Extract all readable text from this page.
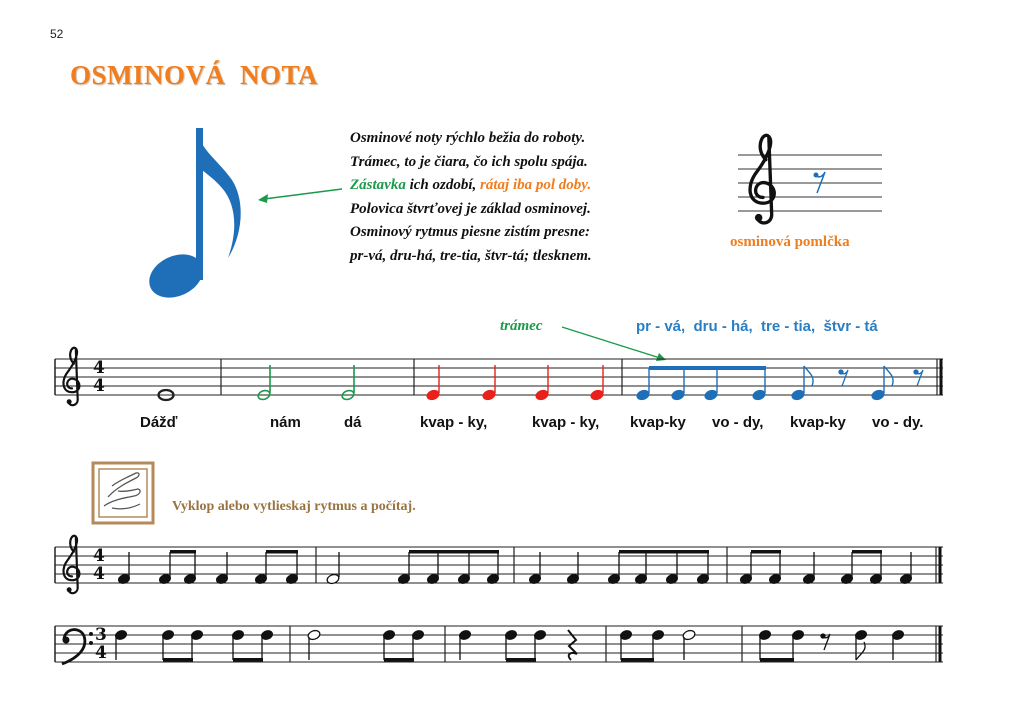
52
OSMINOVÁ  NOTA
Osminové noty rýchlo bežia do roboty.
Trámec, to je čiara, čo ich spolu spája.
Zástavka ich ozdobí, rátaj iba pol doby.
Polovica štvrťovej je základ osminovej.
Osminový rytmus piesne zistím presne:
pr-vá, dru-há, tre-tia, štvr-tá; tlesknem.
osminová pomlčka
trámec	pr - vá,  dru - há,  tre - tia,  štvr - tá
Dážď	nám	dá	kvap - ky,	kvap - ky, kvap-ky vo - dy, kvap-ky vo - dy.
Vyklop alebo vytlieskaj rytmus a počítaj.
4
4
4
4
3
4
